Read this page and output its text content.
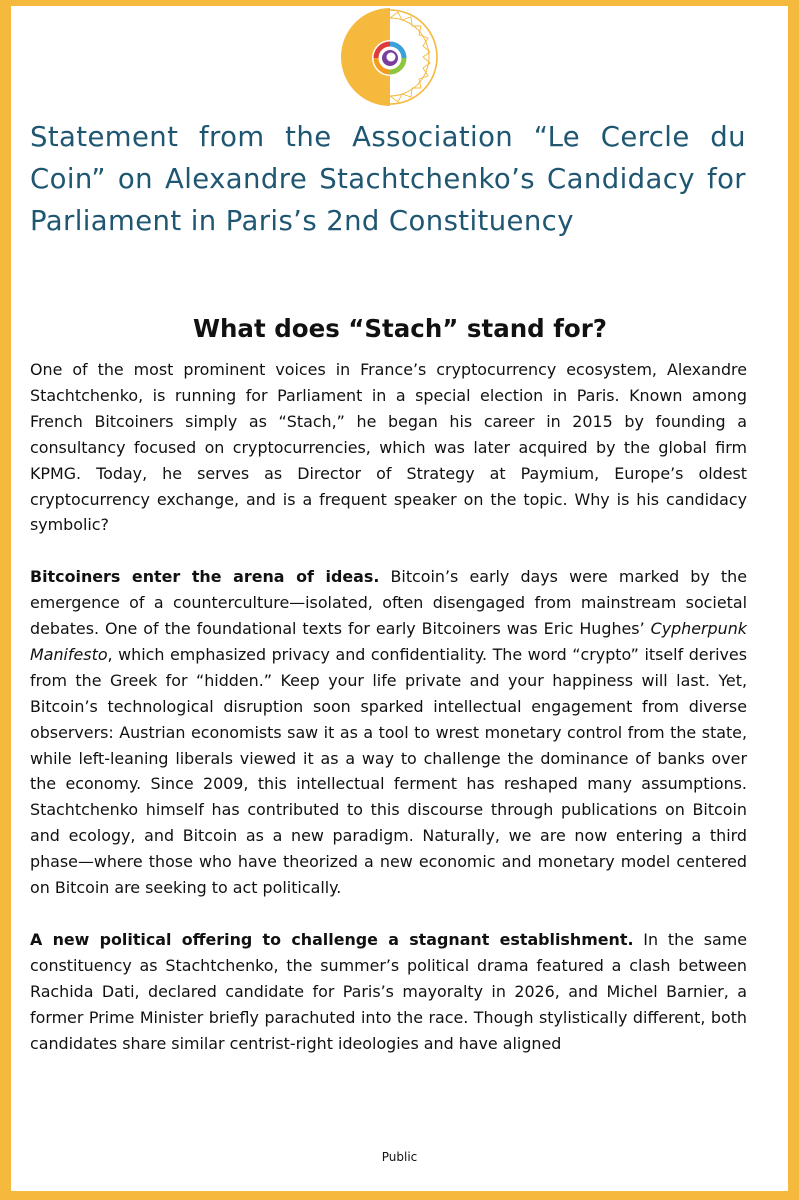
Statement from the Association “Le Cercle du Coin” on Alexandre Stachtchenko’s Candidacy for Parliament in Paris’s 2nd Constituency
What does “Stach” stand for?

One of the most prominent voices in France’s cryptocurrency ecosystem, Alexandre Stachtchenko, is running for Parliament in a special election in Paris. Known among French Bitcoiners simply as “Stach,” he began his career in 2015 by founding a consultancy focused on cryptocurrencies, which was later acquired by the global firm KPMG. Today, he serves as Director of Strategy at Paymium, Europe’s oldest cryptocurrency exchange, and is a frequent speaker on the topic. Why is his candidacy symbolic?

Bitcoiners enter the arena of ideas. Bitcoin’s early days were marked by the emergence of a counterculture—isolated, often disengaged from mainstream societal debates. One of the foundational texts for early Bitcoiners was Eric Hughes’ Cypherpunk Manifesto, which emphasized privacy and confidentiality. The word “crypto” itself derives from the Greek for “hidden.” Keep your life private and your happiness will last. Yet, Bitcoin’s technological disruption soon sparked intellectual engagement from diverse observers: Austrian economists saw it as a tool to wrest monetary control from the state, while left-leaning liberals viewed it as a way to challenge the dominance of banks over the economy. Since 2009, this intellectual ferment has reshaped many assumptions. Stachtchenko himself has contributed to this discourse through publications on Bitcoin and ecology, and Bitcoin as a new paradigm. Naturally, we are now entering a third phase—where those who have theorized a new economic and monetary model centered on Bitcoin are seeking to act politically.

A new political offering to challenge a stagnant establishment. In the same constituency as Stachtchenko, the summer’s political drama featured a clash between Rachida Dati, declared candidate for Paris’s mayoralty in 2026, and Michel Barnier, a former Prime Minister briefly parachuted into the race. Though stylistically different, both candidates share similar centrist-right ideologies and have aligned

Public
